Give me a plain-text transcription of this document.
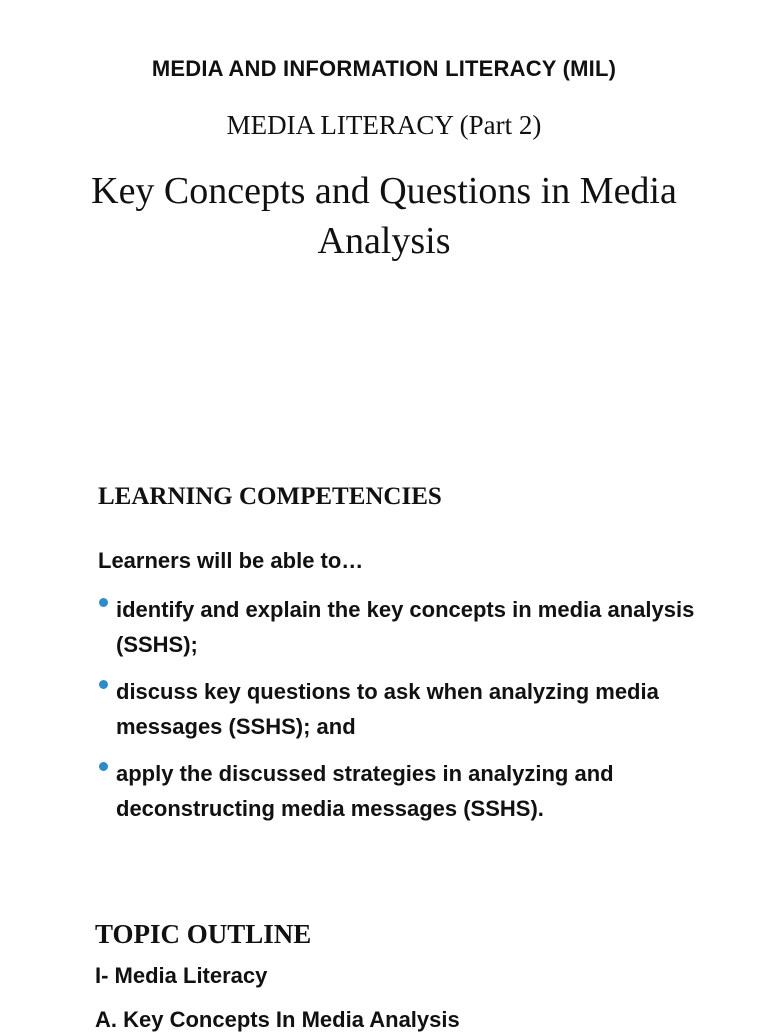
MEDIA AND INFORMATION LITERACY (MIL)
MEDIA LITERACY (Part 2)
Key Concepts and Questions in Media Analysis
LEARNING COMPETENCIES
Learners will be able to…
identify and explain the key concepts in media analysis (SSHS);
discuss key questions to ask when analyzing media messages (SSHS); and
apply the discussed strategies in analyzing and deconstructing media messages (SSHS).
TOPIC OUTLINE
I- Media Literacy
A. Key Concepts In Media Analysis
